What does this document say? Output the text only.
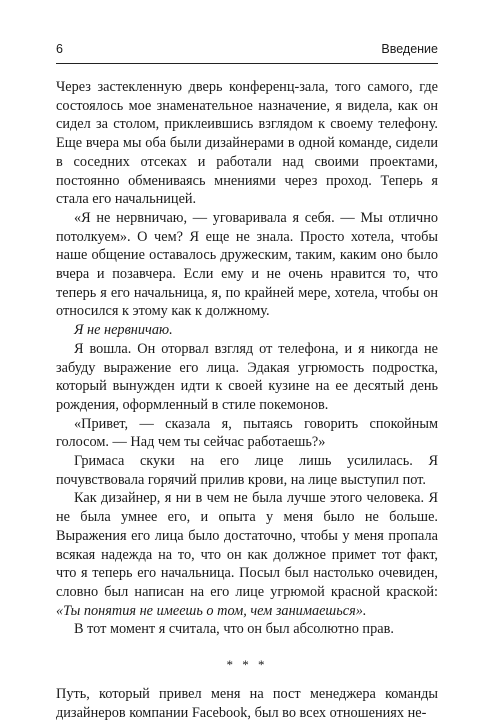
6	Введение

Через застекленную дверь конференц-зала, того самого, где состоялось мое знаменательное назначение, я видела, как он сидел за столом, приклеившись взглядом к своему телефону. Еще вчера мы оба были дизайнерами в одной команде, сидели в соседних отсеках и работали над своими проектами, постоянно обмениваясь мнениями через проход. Теперь я стала его начальницей.

«Я не нервничаю, — уговаривала я себя. — Мы отлично потолкуем». О чем? Я еще не знала. Просто хотела, чтобы наше общение оставалось дружеским, таким, каким оно было вчера и позавчера. Если ему и не очень нравится то, что теперь я его начальница, я, по крайней мере, хотела, чтобы он относился к этому как к должному.

Я не нервничаю.

Я вошла. Он оторвал взгляд от телефона, и я никогда не забуду выражение его лица. Эдакая угрюмость подростка, который вынужден идти к своей кузине на ее десятый день рождения, оформленный в стиле покемонов.

«Привет, — сказала я, пытаясь говорить спокойным голосом. — Над чем ты сейчас работаешь?»

Гримаса скуки на его лице лишь усилилась. Я почувствовала горячий прилив крови, на лице выступил пот.

Как дизайнер, я ни в чем не была лучше этого человека. Я не была умнее его, и опыта у меня было не больше. Выражения его лица было достаточно, чтобы у меня пропала всякая надежда на то, что он как должное примет тот факт, что я теперь его начальница. Посыл был настолько очевиден, словно был написан на его лице угрюмой красной краской: «Ты понятия не имеешь о том, чем занимаешься».

В тот момент я считала, что он был абсолютно прав.

* * *

Путь, который привел меня на пост менеджера команды дизайнеров компании Facebook, был во всех отношениях не-
